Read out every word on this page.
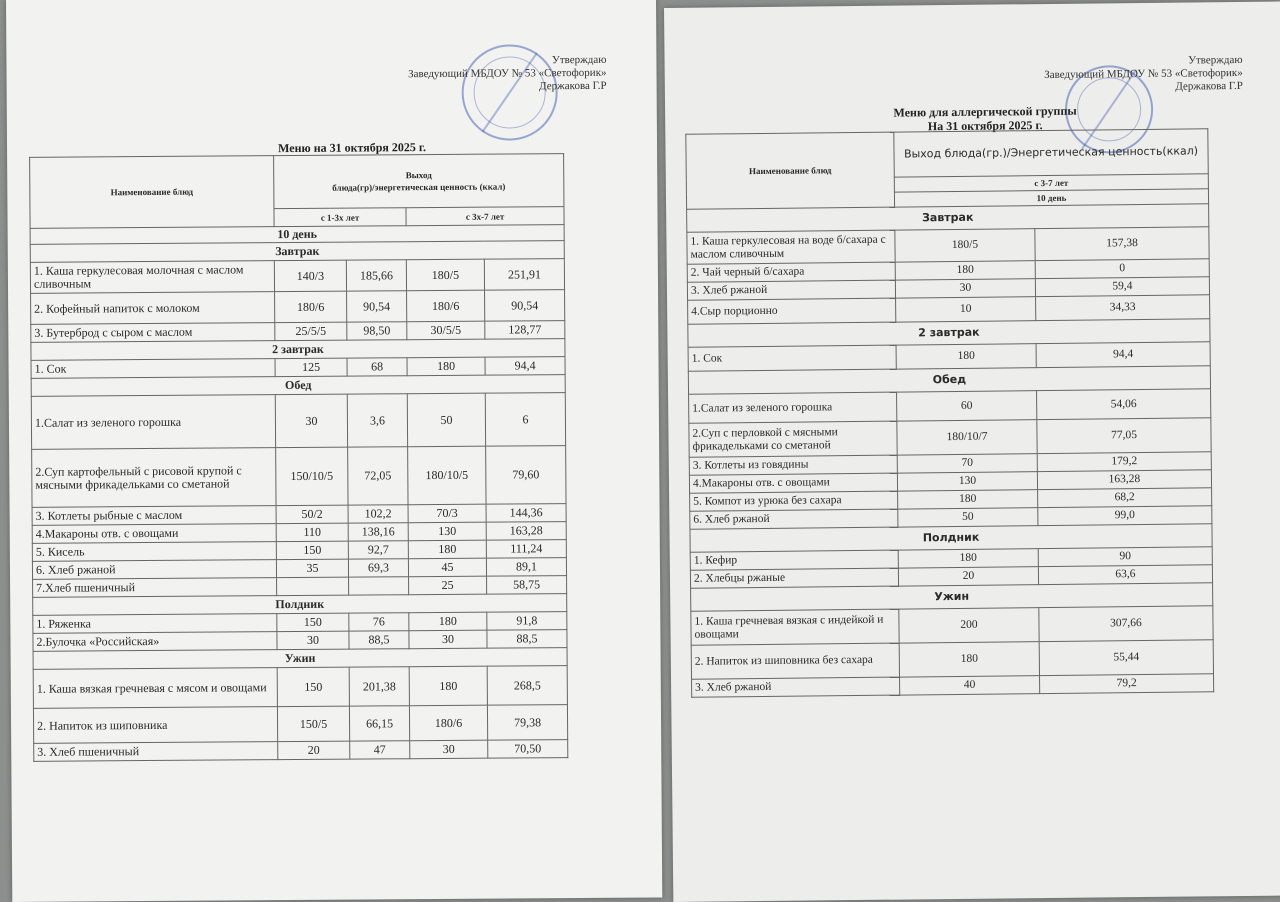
Утверждаю
Заведующий МБДОУ № 53 «Светофорик»
Держакова Г.Р
Меню на 31 октября 2025 г.
Наименование блюд	Выход
блюда(гр)/энергетическая ценность (ккал)			

	с 1-3х лет		с 3х-7 лет	
10 день				
Завтрак				
1. Каша геркулесовая молочная с маслом сливочным	140/3	185,66	180/5	251,91
2. Кофейный напиток с молоком	180/6	90,54	180/6	90,54
3. Бутерброд с сыром с маслом	25/5/5	98,50	30/5/5	128,77
2 завтрак				
1. Сок	125	68	180	94,4
Обед				
1.Салат из зеленого горошка	30	3,6	50	6
2.Суп картофельный с рисовой крупой с мясными фрикадельками со сметаной	150/10/5	72,05	180/10/5	79,60
3. Котлеты рыбные с маслом	50/2	102,2	70/3	144,36
4.Макароны отв. с овощами	110	138,16	130	163,28
5. Кисель	150	92,7	180	111,24
6. Хлеб ржаной	35	69,3	45	89,1
7.Хлеб пшеничный			25	58,75
Полдник				
1. Ряженка	150	76	180	91,8
2.Булочка «Российская»	30	88,5	30	88,5
Ужин				
1. Каша вязкая гречневая с мясом и овощами	150	201,38	180	268,5
2. Напиток из шиповника	150/5	66,15	180/6	79,38
3. Хлеб пшеничный	20	47	30	70,50
Утверждаю
Заведующий МБДОУ № 53 «Светофорик»
Держакова Г.Р
Меню для аллергической группы
На 31 октября 2025 г.
Наименование блюд	Выход блюда(гр.)/Энергетическая ценность(ккал)	
	с 3-7 лет	
	10 день	
Завтрак		
1. Каша геркулесовая на воде б/сахара с маслом сливочным	180/5	157,38
2. Чай черный б/сахара	180	0
3. Хлеб ржаной	30	59,4
4.Сыр порционно	10	34,33
2 завтрак		
1. Сок	180	94,4
Обед		
1.Салат из зеленого горошка	60	54,06
2.Суп с перловкой с мясными фрикадельками со сметаной	180/10/7	77,05
3. Котлеты из говядины	70	179,2
4.Макароны отв. с овощами	130	163,28
5. Компот из урюка без сахара	180	68,2
6. Хлеб ржаной	50	99,0
Полдник		
1. Кефир	180	90
2. Хлебцы ржаные	20	63,6
Ужин		
1. Каша гречневая вязкая с индейкой и овощами	200	307,66
2. Напиток из шиповника без сахара	180	55,44
3. Хлеб ржаной	40	79,2
